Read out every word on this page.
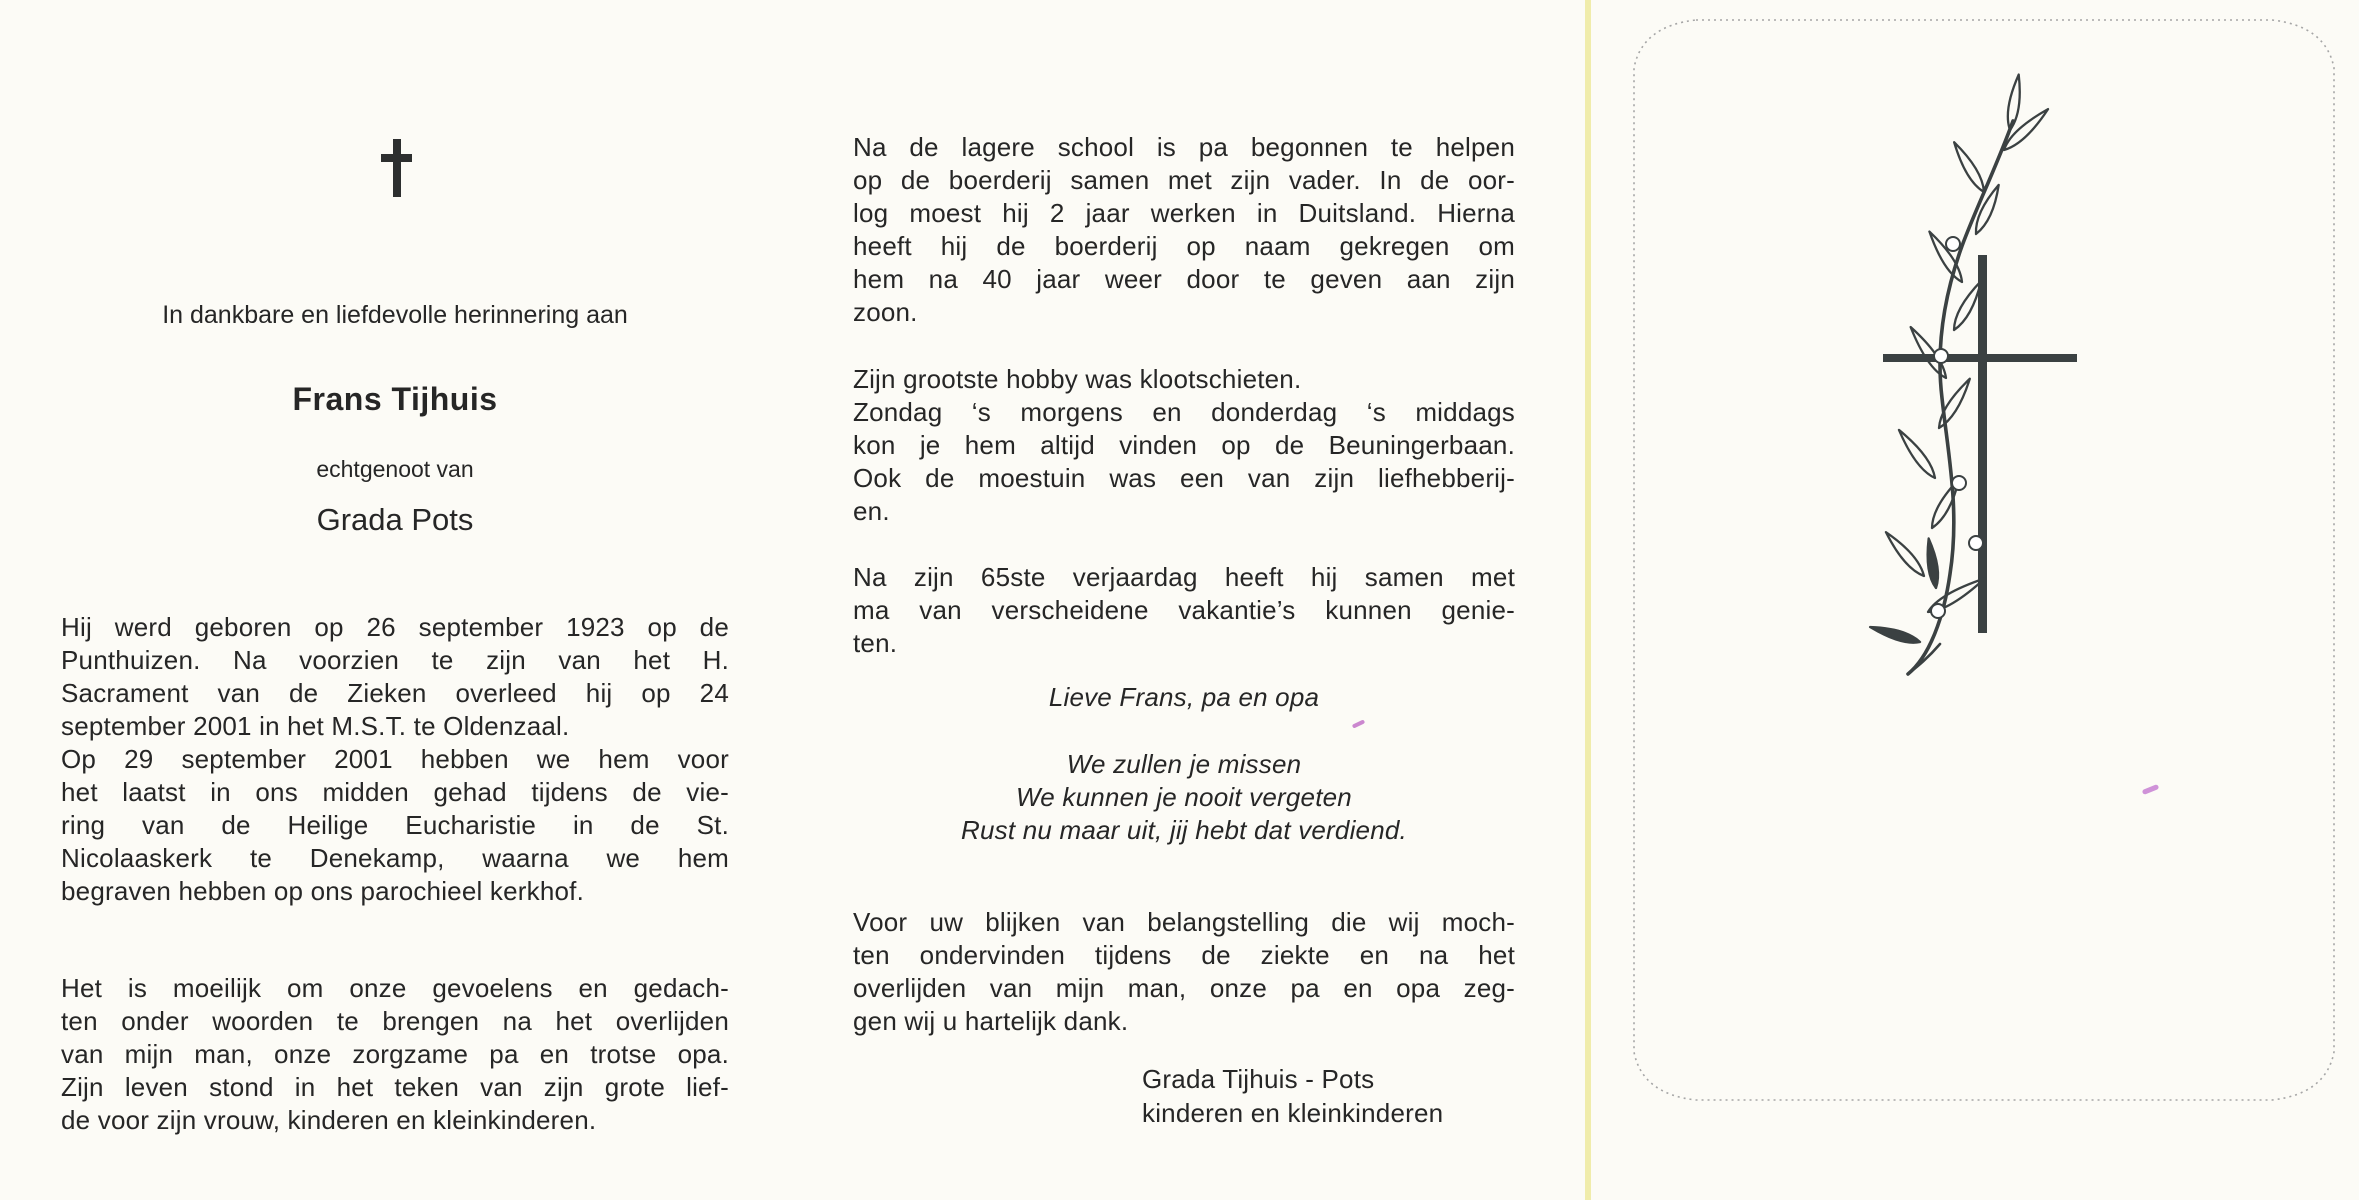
In dankbare en liefdevolle herinnering aan
Frans Tijhuis
echtgenoot van
Grada Pots
Hij werd geboren op 26 september 1923 op de
Punthuizen. Na voorzien te zijn van het H.
Sacrament van de Zieken overleed hij op 24
september 2001 in het M.S.T. te Oldenzaal.
Op 29 september 2001 hebben we hem voor
het laatst in ons midden gehad tijdens de vie-
ring van de Heilige Eucharistie in de St.
Nicolaaskerk te Denekamp, waarna we hem
begraven hebben op ons parochieel kerkhof.
Het is moeilijk om onze gevoelens en gedach-
ten onder woorden te brengen na het overlijden
van mijn man, onze zorgzame pa en trotse opa.
Zijn leven stond in het teken van zijn grote lief-
de voor zijn vrouw, kinderen en kleinkinderen.
Na de lagere school is pa begonnen te helpen
op de boerderij samen met zijn vader. In de oor-
log moest hij 2 jaar werken in Duitsland. Hierna
heeft hij de boerderij op naam gekregen om
hem na 40 jaar weer door te geven aan zijn
zoon.
Zijn grootste hobby was klootschieten.
Zondag ‘s morgens en donderdag ‘s middags
kon je hem altijd vinden op de Beuningerbaan.
Ook de moestuin was een van zijn liefhebberij-
en.
Na zijn 65ste verjaardag heeft hij samen met
ma van verscheidene vakantie’s kunnen genie-
ten.
Lieve Frans, pa en opa
We zullen je missen
We kunnen je nooit vergeten
Rust nu maar uit, jij hebt dat verdiend.
Voor uw blijken van belangstelling die wij moch-
ten ondervinden tijdens de ziekte en na het
overlijden van mijn man, onze pa en opa zeg-
gen wij u hartelijk dank.
Grada Tijhuis - Pots
kinderen en kleinkinderen
